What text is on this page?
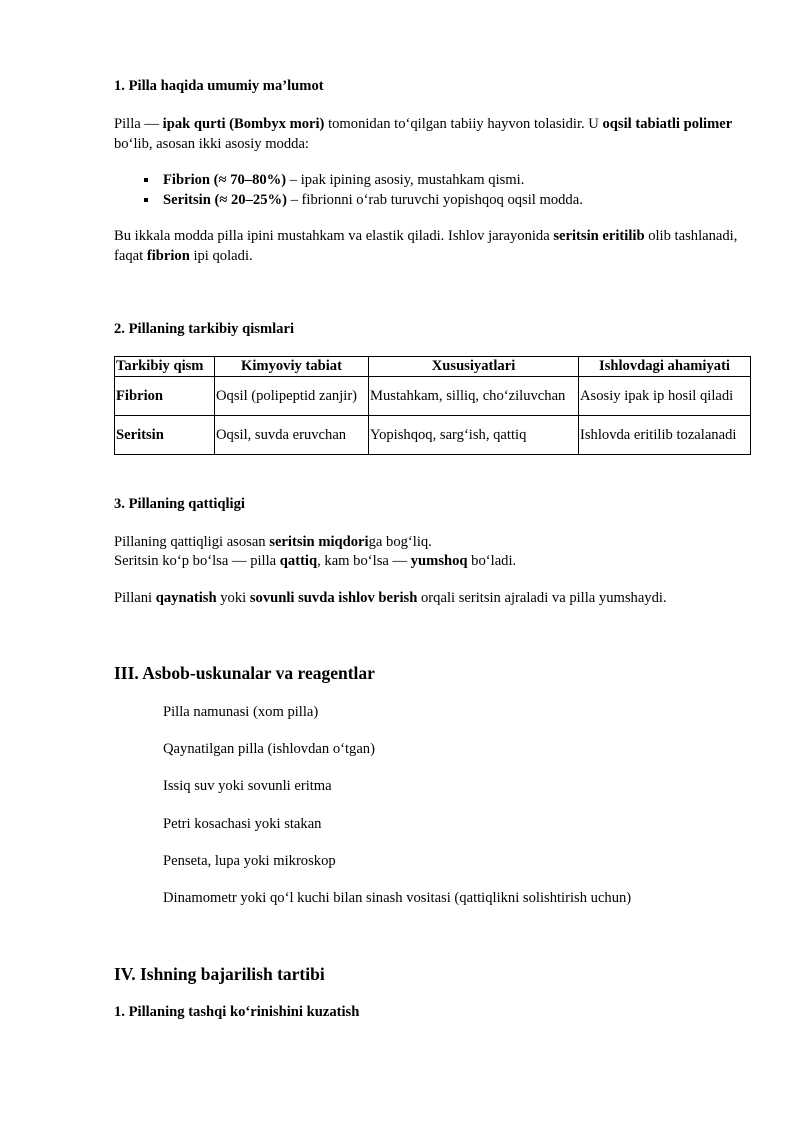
1. Pilla haqida umumiy ma’lumot

Pilla — ipak qurti (Bombyx mori) tomonidan to‘qilgan tabiiy hayvon tolasidir. U oqsil tabiatli polimer bo‘lib, asosan ikki asosiy modda:

Fibrion (≈ 70–80%) – ipak ipining asosiy, mustahkam qismi.
Seritsin (≈ 20–25%) – fibrionni o‘rab turuvchi yopishqoq oqsil modda.

Bu ikkala modda pilla ipini mustahkam va elastik qiladi. Ishlov jarayonida seritsin eritilib olib tashlanadi, faqat fibrion ipi qoladi.

2. Pillaning tarkibiy qismlari

Tarkibiy qism	Kimyoviy tabiat	Xususiyatlari	Ishlovdagi ahamiyati
Fibrion	Oqsil (polipeptid zanjir)	Mustahkam, silliq, cho‘ziluvchan	Asosiy ipak ip hosil qiladi
Seritsin	Oqsil, suvda eruvchan	Yopishqoq, sarg‘ish, qattiq	Ishlovda eritilib tozalanadi

3. Pillaning qattiqligi

Pillaning qattiqligi asosan seritsin miqdoriga bog‘liq.

Seritsin ko‘p bo‘lsa — pilla qattiq, kam bo‘lsa — yumshoq bo‘ladi.

Pillani qaynatish yoki sovunli suvda ishlov berish orqali seritsin ajraladi va pilla yumshaydi.

III. Asbob-uskunalar va reagentlar

Pilla namunasi (xom pilla)

Qaynatilgan pilla (ishlovdan o‘tgan)

Issiq suv yoki sovunli eritma

Petri kosachasi yoki stakan

Penseta, lupa yoki mikroskop

Dinamometr yoki qo‘l kuchi bilan sinash vositasi (qattiqlikni solishtirish uchun)

IV. Ishning bajarilish tartibi

1. Pillaning tashqi ko‘rinishini kuzatish
